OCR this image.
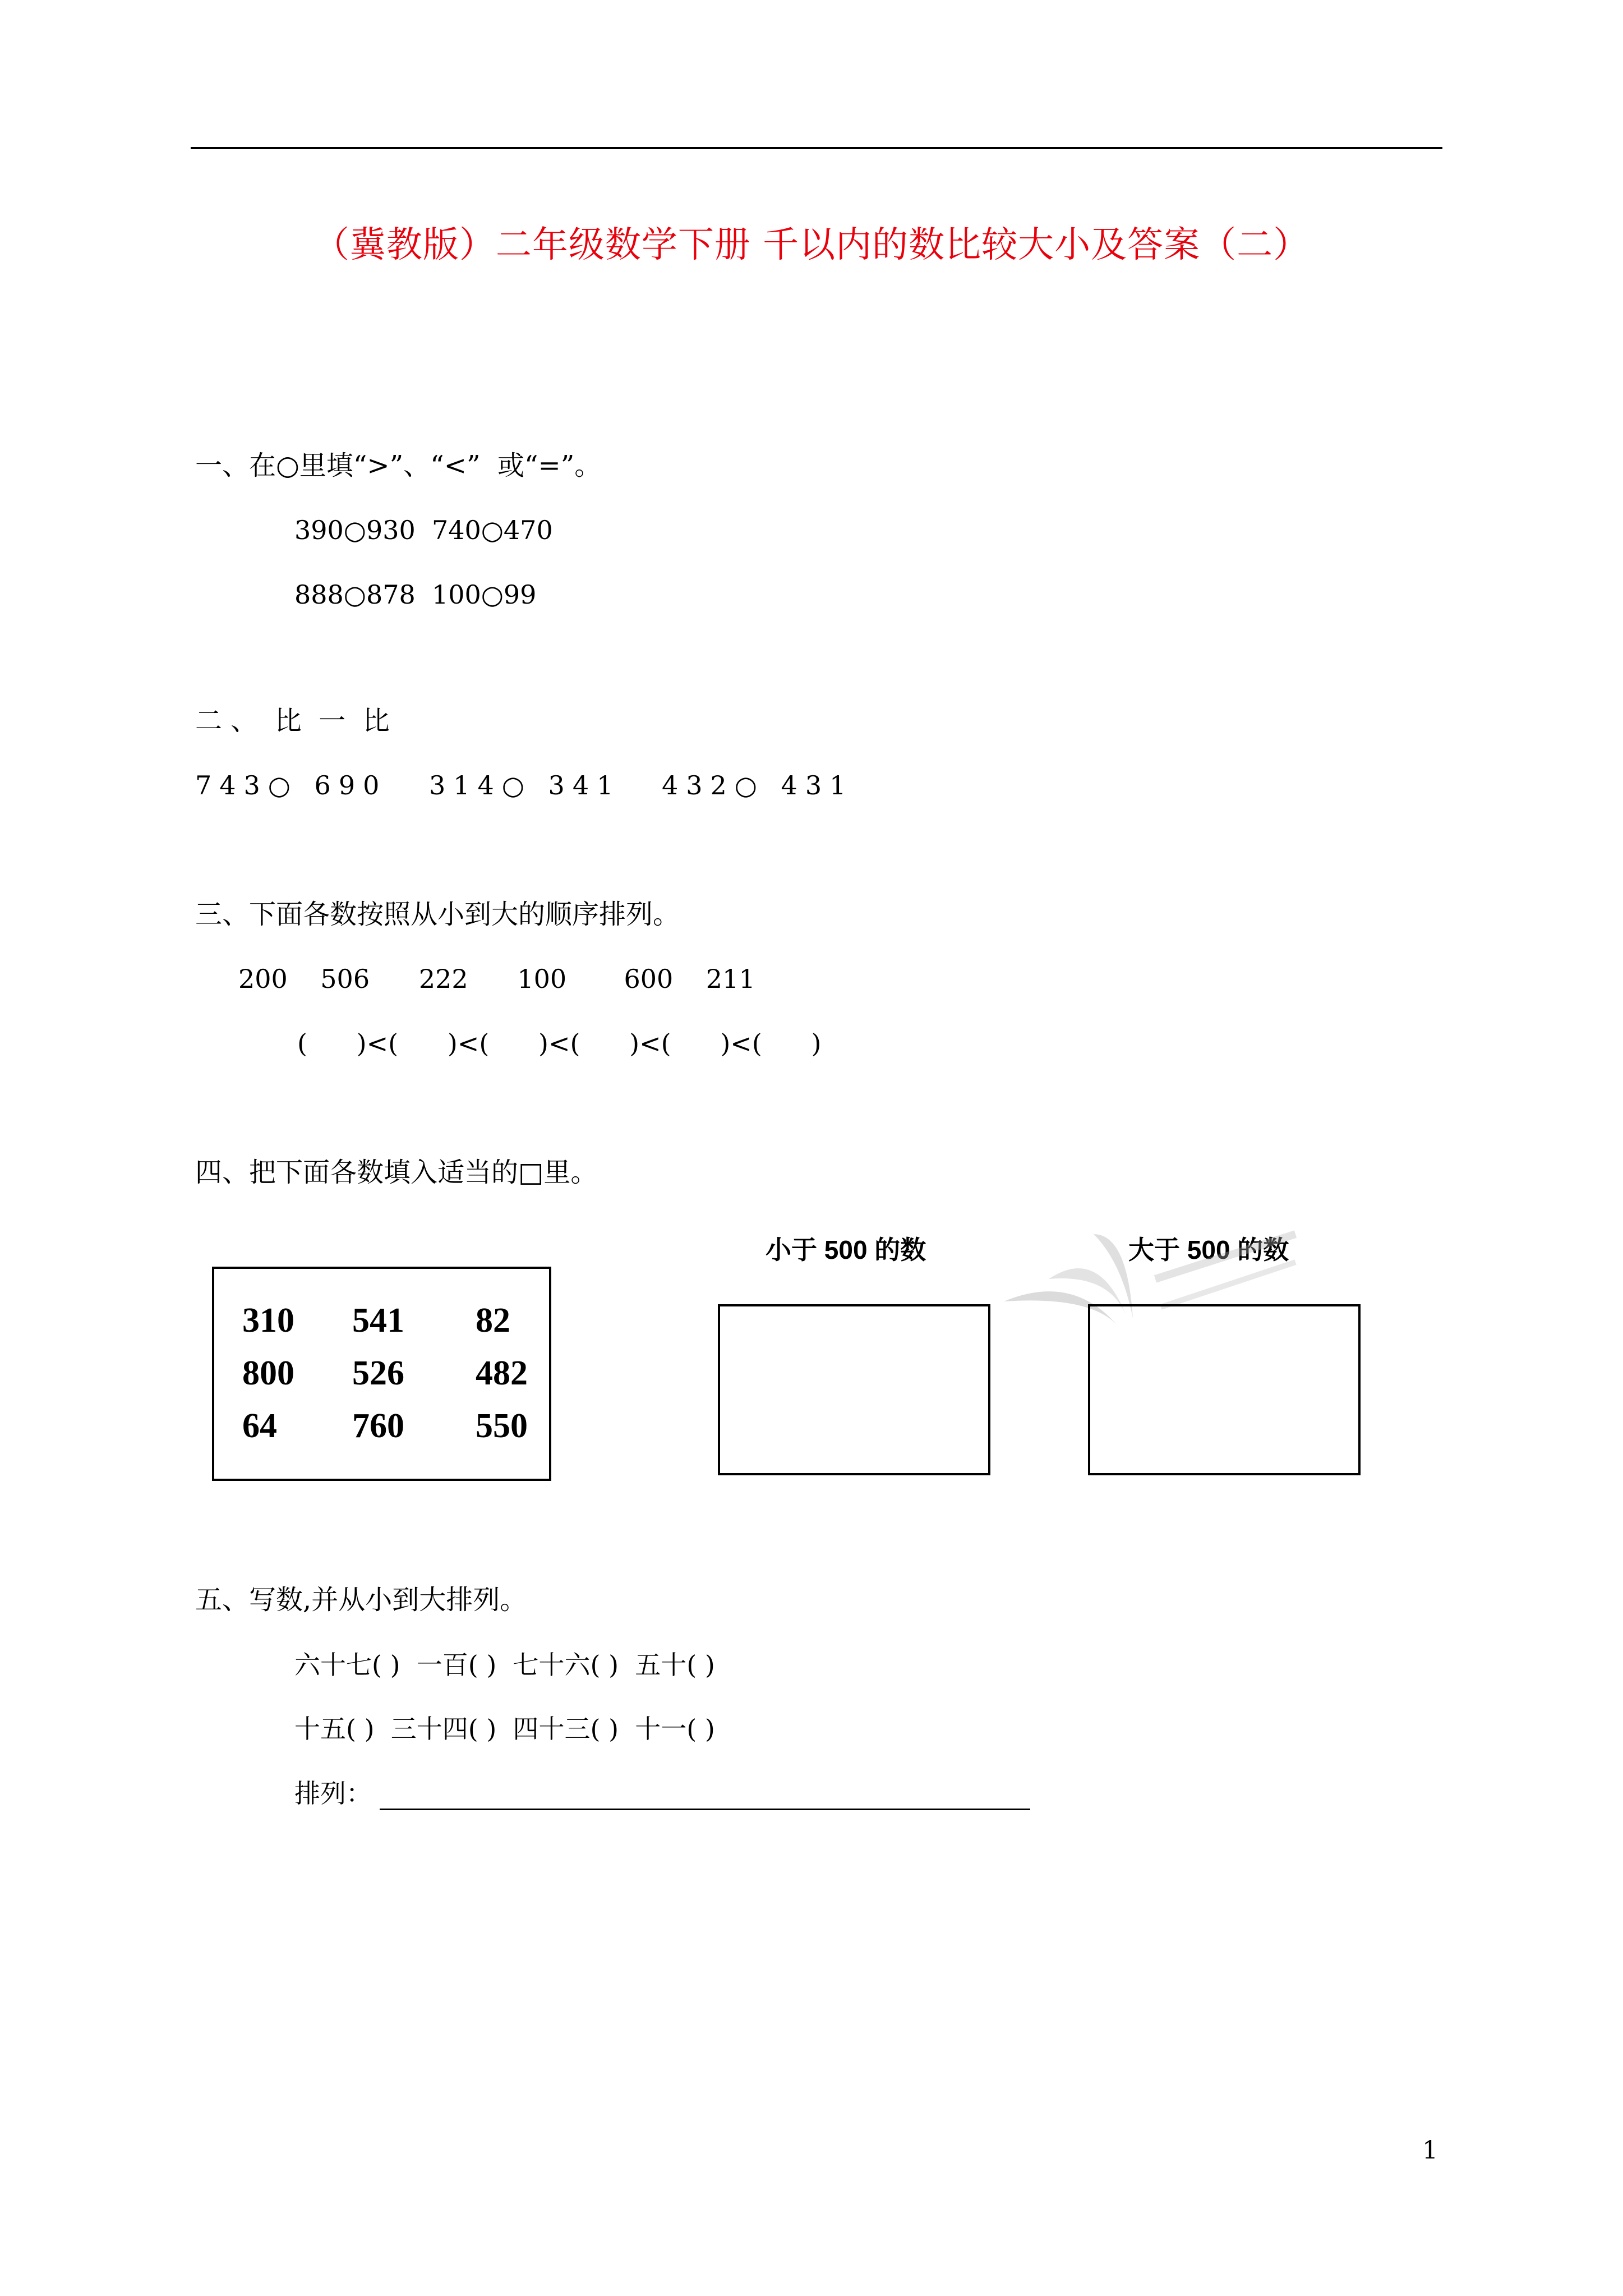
（冀教版）二年级数学下册 千以内的数比较大小及答案（二）
一、在○里填“>”、“<”  或“=”。
390○930  740○470
888○878  100○99
二 、  比  一  比
743○ 690 314○ 341 432○ 431
三、下面各数按照从小到大的顺序排列。
200    506      222      100       600    211
(      )<(      )<(      )<(      )<(      )<(      )
四、把下面各数填入适当的□里。
310	541	82
800	526	482
64	760	550
小于 500 的数	大于 500 的数
五、写数,并从小到大排列。
六十七( )  一百( )  七十六( )  五十( )
十五( )  三十四( )  四十三( )  十一( )
排列：
1
